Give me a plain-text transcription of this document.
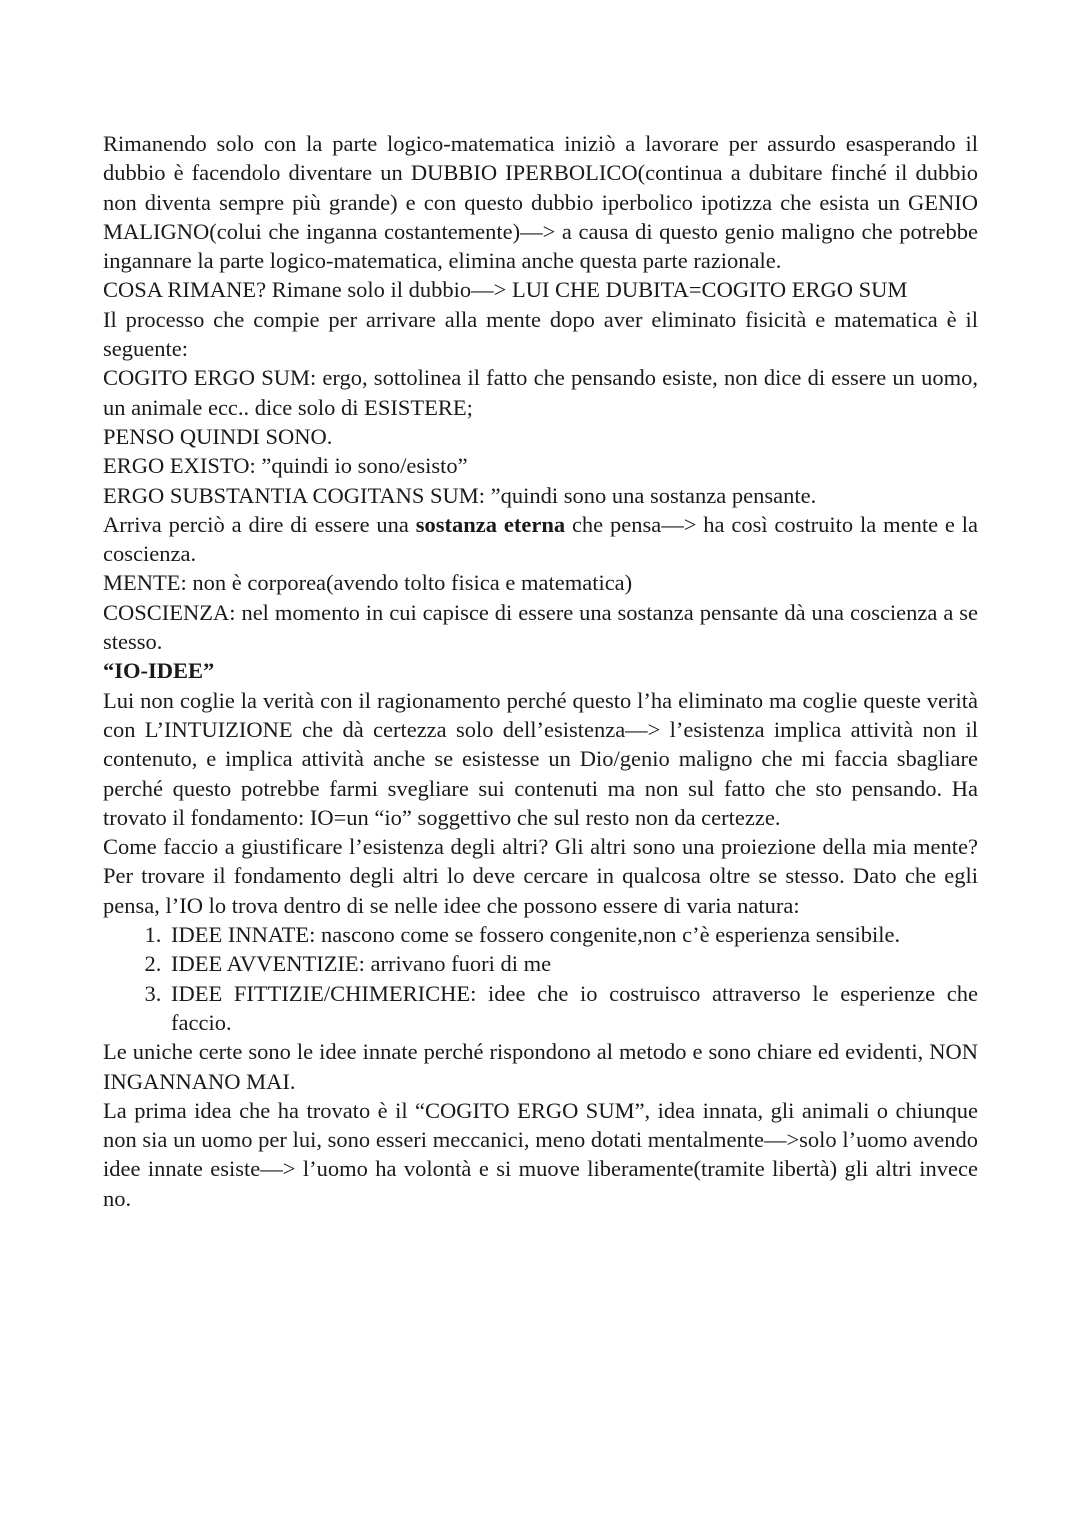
Rimanendo solo con la parte logico-matematica iniziò a lavorare per assurdo esasperando il dubbio è facendolo diventare un DUBBIO IPERBOLICO(continua a dubitare finché il dubbio non diventa sempre più grande) e con questo dubbio iperbolico ipotizza che esista un GENIO MALIGNO(colui che inganna costantemente)—> a causa di questo genio maligno che potrebbe ingannare la parte logico-matematica, elimina anche questa parte razionale.

COSA RIMANE? Rimane solo il dubbio—> LUI CHE DUBITA=COGITO ERGO SUM

Il processo che compie per arrivare alla mente dopo aver eliminato fisicità e matematica è il seguente:

COGITO ERGO SUM: ergo, sottolinea il fatto che pensando esiste, non dice di essere un uomo, un animale ecc.. dice solo di ESISTERE;

PENSO QUINDI SONO.

ERGO EXISTO: ”quindi io sono/esisto”

ERGO SUBSTANTIA COGITANS SUM: ”quindi sono una sostanza pensante.

Arriva perciò a dire di essere una sostanza eterna che pensa—> ha così costruito la mente e la coscienza.

MENTE: non è corporea(avendo tolto fisica e matematica)

COSCIENZA: nel momento in cui capisce di essere una sostanza pensante dà una coscienza a se stesso.

“IO-IDEE”

Lui non coglie la verità con il ragionamento perché questo l’ha eliminato ma coglie queste verità con L’INTUIZIONE che dà certezza solo dell’esistenza—> l’esistenza implica attività non il contenuto, e implica attività anche se esistesse un Dio/genio maligno che mi faccia sbagliare perché questo potrebbe farmi svegliare sui contenuti ma non sul fatto che sto pensando. Ha trovato il fondamento: IO=un “io” soggettivo che sul resto non da certezze.

Come faccio a giustificare l’esistenza degli altri? Gli altri sono una proiezione della mia mente? Per trovare il fondamento degli altri lo deve cercare in qualcosa oltre se stesso. Dato che egli pensa, l’IO lo trova dentro di se nelle idee che possono essere di varia natura:

1. IDEE INNATE: nascono come se fossero congenite,non c’è esperienza sensibile.
2. IDEE AVVENTIZIE: arrivano fuori di me
3. IDEE FITTIZIE/CHIMERICHE: idee che io costruisco attraverso le esperienze che faccio.

Le uniche certe sono le idee innate perché rispondono al metodo e sono chiare ed evidenti, NON INGANNANO MAI.

La prima idea che ha trovato è il “COGITO ERGO SUM”, idea innata, gli animali o chiunque non sia un uomo per lui, sono esseri meccanici, meno dotati mentalmente—>solo l’uomo avendo idee innate esiste—> l’uomo ha volontà e si muove liberamente(tramite libertà) gli altri invece no.
